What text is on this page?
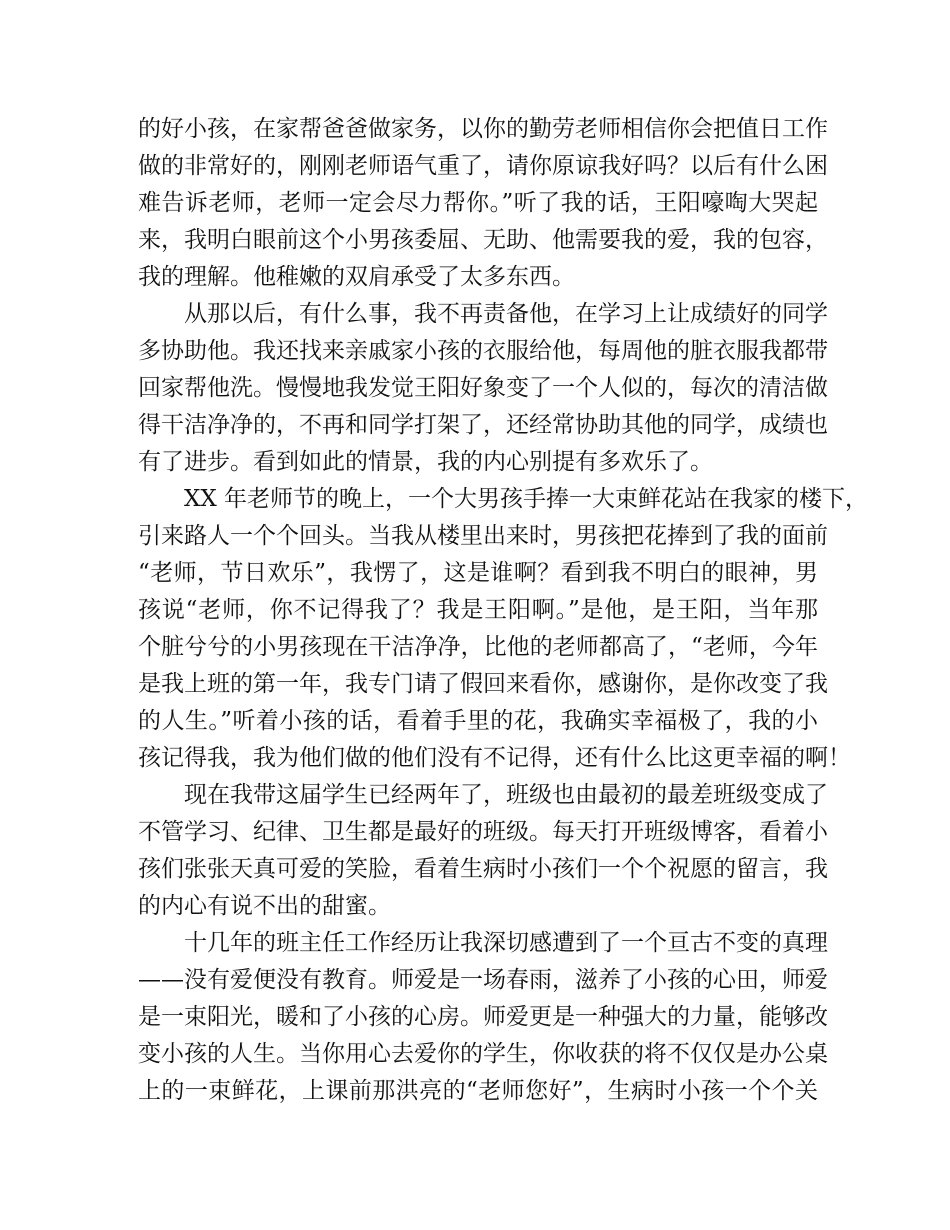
的好小孩，在家帮爸爸做家务，以你的勤劳老师相信你会把值日工作
做的非常好的，刚刚老师语气重了，请你原谅我好吗？以后有什么困
难告诉老师，老师一定会尽力帮你。”听了我的话，王阳嚎啕大哭起
来，我明白眼前这个小男孩委屈、无助、他需要我的爱，我的包容，
我的理解。他稚嫩的双肩承受了太多东西。
从那以后，有什么事，我不再责备他，在学习上让成绩好的同学
多协助他。我还找来亲戚家小孩的衣服给他，每周他的脏衣服我都带
回家帮他洗。慢慢地我发觉王阳好象变了一个人似的，每次的清洁做
得干洁净净的，不再和同学打架了，还经常协助其他的同学，成绩也
有了进步。看到如此的情景，我的内心别提有多欢乐了。
XX 年老师节的晚上，一个大男孩手捧一大束鲜花站在我家的楼下，
引来路人一个个回头。当我从楼里出来时，男孩把花捧到了我的面前
“老师，节日欢乐”，我愣了，这是谁啊？看到我不明白的眼神，男
孩说“老师，你不记得我了？我是王阳啊。”是他，是王阳，当年那
个脏兮兮的小男孩现在干洁净净，比他的老师都高了，“老师，今年
是我上班的第一年，我专门请了假回来看你，感谢你，是你改变了我
的人生。”听着小孩的话，看着手里的花，我确实幸福极了，我的小
孩记得我，我为他们做的他们没有不记得，还有什么比这更幸福的啊！
现在我带这届学生已经两年了，班级也由最初的最差班级变成了
不管学习、纪律、卫生都是最好的班级。每天打开班级博客，看着小
孩们张张天真可爱的笑脸，看着生病时小孩们一个个祝愿的留言，我
的内心有说不出的甜蜜。
十几年的班主任工作经历让我深切感遭到了一个亘古不变的真理
——没有爱便没有教育。师爱是一场春雨，滋养了小孩的心田，师爱
是一束阳光，暖和了小孩的心房。师爱更是一种强大的力量，能够改
变小孩的人生。当你用心去爱你的学生，你收获的将不仅仅是办公桌
上的一束鲜花，上课前那洪亮的“老师您好”，生病时小孩一个个关
